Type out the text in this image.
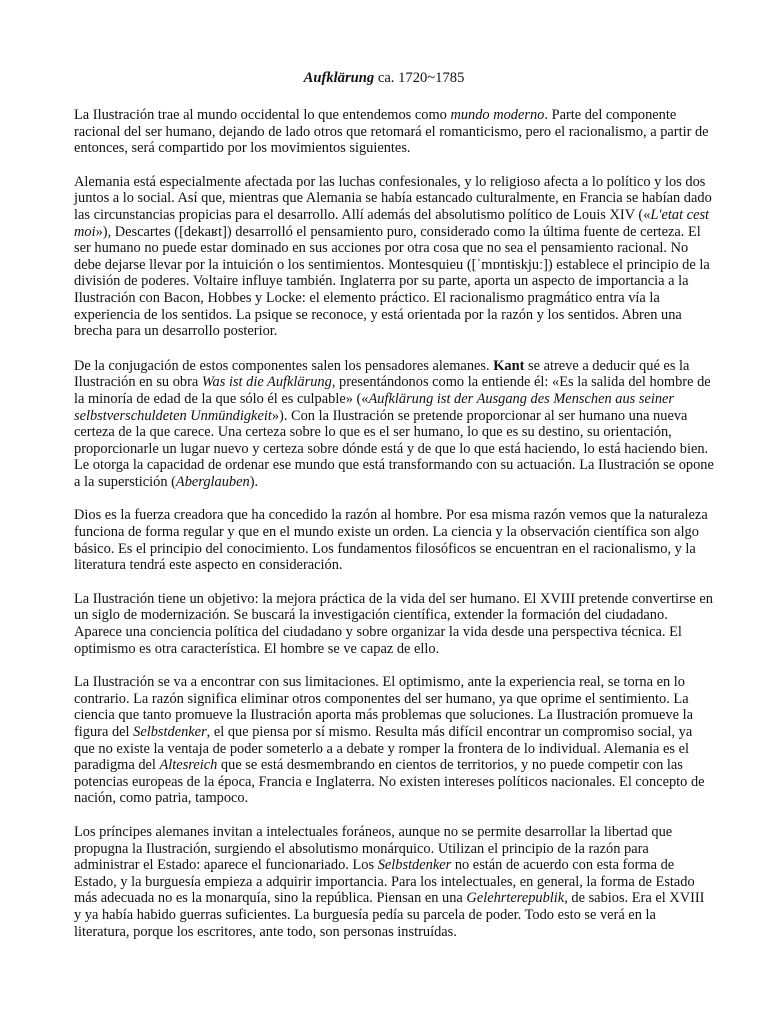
Aufklärung ca. 1720~1785

La Ilustración trae al mundo occidental lo que entendemos como mundo moderno. Parte del componente racional del ser humano, dejando de lado otros que retomará el romanticismo, pero el racionalismo, a partir de entonces, será compartido por los movimientos siguientes.

Alemania está especialmente afectada por las luchas confesionales, y lo religioso afecta a lo político y los dos juntos a lo social. Así que, mientras que Alemania se había estancado culturalmente, en Francia se habían dado las circunstancias propicias para el desarrollo. Allí además del absolutismo político de Louis XIV («L'etat cest moi»), Descartes ([dekaʁt]) desarrolló el pensamiento puro, considerado como la última fuente de certeza. El ser humano no puede estar dominado en sus acciones por otra cosa que no sea el pensamiento racional. No debe dejarse llevar por la intuición o los sentimientos. Montesquieu ([ˈmɒntɨskjuː]) establece el principio de la división de poderes. Voltaire influye también. Inglaterra por su parte, aporta un aspecto de importancia a la Ilustración con Bacon, Hobbes y Locke: el elemento práctico. El racionalismo pragmático entra vía la experiencia de los sentidos. La psique se reconoce, y está orientada por la razón y los sentidos. Abren una brecha para un desarrollo posterior.

De la conjugación de estos componentes salen los pensadores alemanes. Kant se atreve a deducir qué es la Ilustración en su obra Was ist die Aufklärung, presentándonos como la entiende él: «Es la salida del hombre de la minoría de edad de la que sólo él es culpable» («Aufklärung ist der Ausgang des Menschen aus seiner selbstverschuldeten Unmündigkeit»). Con la Ilustración se pretende proporcionar al ser humano una nueva certeza de la que carece. Una certeza sobre lo que es el ser humano, lo que es su destino, su orientación, proporcionarle un lugar nuevo y certeza sobre dónde está y de que lo que está haciendo, lo está haciendo bien. Le otorga la capacidad de ordenar ese mundo que está transformando con su actuación. La Ilustración se opone a la superstición (Aberglauben).

Dios es la fuerza creadora que ha concedido la razón al hombre. Por esa misma razón vemos que la naturaleza funciona de forma regular y que en el mundo existe un orden. La ciencia y la observación científica son algo básico. Es el principio del conocimiento. Los fundamentos filosóficos se encuentran en el racionalismo, y la literatura tendrá este aspecto en consideración.

La Ilustración tiene un objetivo: la mejora práctica de la vida del ser humano. El XVIII pretende convertirse en un siglo de modernización. Se buscará la investigación científica, extender la formación del ciudadano. Aparece una conciencia política del ciudadano y sobre organizar la vida desde una perspectiva técnica. El optimismo es otra característica. El hombre se ve capaz de ello.

La Ilustración se va a encontrar con sus limitaciones. El optimismo, ante la experiencia real, se torna en lo contrario. La razón significa eliminar otros componentes del ser humano, ya que oprime el sentimiento. La ciencia que tanto promueve la Ilustración aporta más problemas que soluciones. La Ilustración promueve la figura del Selbstdenker, el que piensa por sí mismo. Resulta más difícil encontrar un compromiso social, ya que no existe la ventaja de poder someterlo a a debate y romper la frontera de lo individual. Alemania es el paradigma del Altesreich que se está desmembrando en cientos de territorios, y no puede competir con las potencias europeas de la época, Francia e Inglaterra. No existen intereses políticos nacionales. El concepto de nación, como patria, tampoco.

Los príncipes alemanes invitan a intelectuales foráneos, aunque no se permite desarrollar la libertad que propugna la Ilustración, surgiendo el absolutismo monárquico. Utilizan el principio de la razón para administrar el Estado: aparece el funcionariado. Los Selbstdenker no están de acuerdo con esta forma de Estado, y la burguesía empieza a adquirir importancia. Para los intelectuales, en general, la forma de Estado más adecuada no es la monarquía, sino la república. Piensan en una Gelehrterepublik, de sabios. Era el XVIII y ya había habido guerras suficientes. La burguesía pedía su parcela de poder. Todo esto se verá en la literatura, porque los escritores, ante todo, son personas instruídas.
